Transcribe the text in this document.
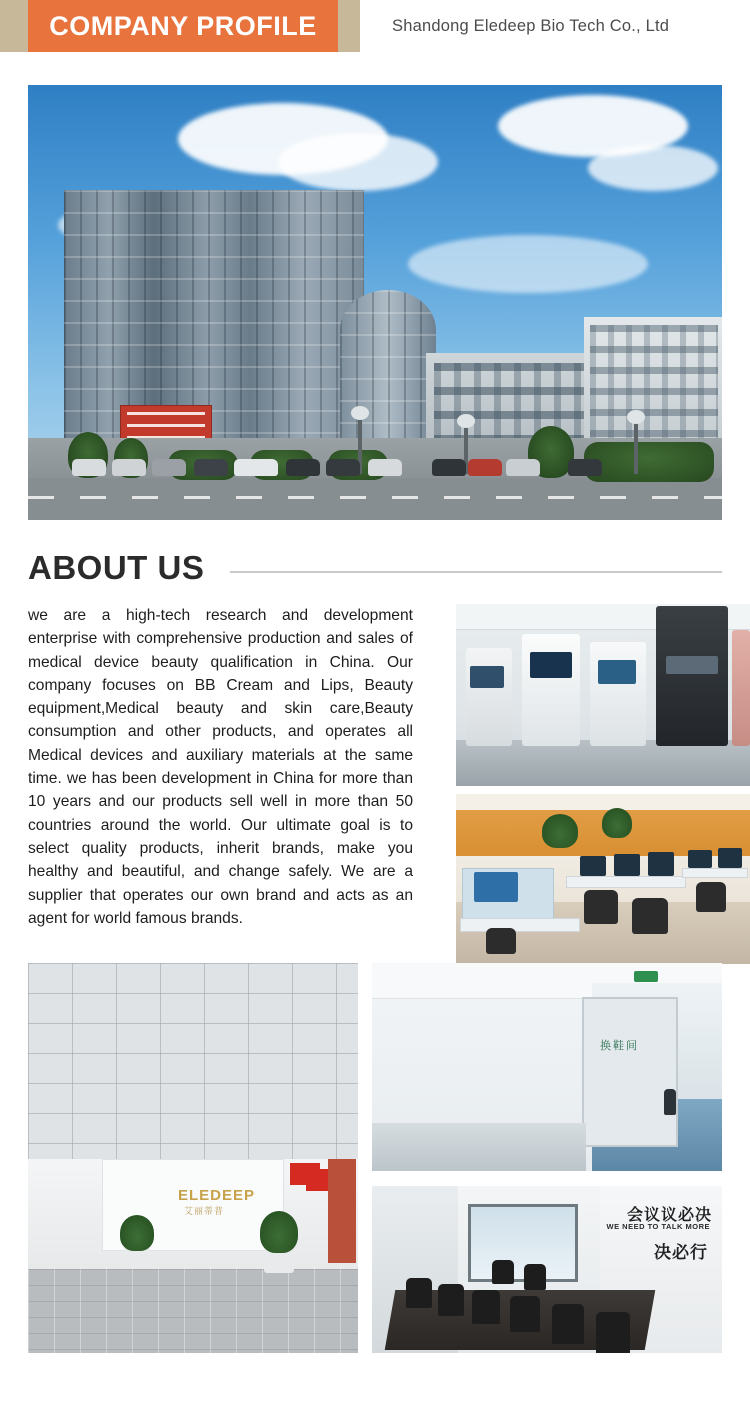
COMPANY PROFILE	Shandong Eledeep Bio Tech Co., Ltd
ABOUT US

we are a high-tech research and development enterprise with comprehensive production and sales of medical device beauty qualification in China. Our company focuses on BB Cream and Lips, Beauty equipment,Medical beauty and skin care,Beauty consumption and other products, and operates all Medical devices and auxiliary materials at the same time. we has been development in China for more than 10 years and our products sell well in more than 50 countries around the world. Our ultimate goal is to select quality products, inherit brands, make you healthy and beautiful, and change safely. We are a supplier that operates our own brand and acts as an agent for world famous brands.

ELEDEEP
艾丽蒂普
换鞋间
会议议必决
WE NEED TO TALK MORE
决必行
